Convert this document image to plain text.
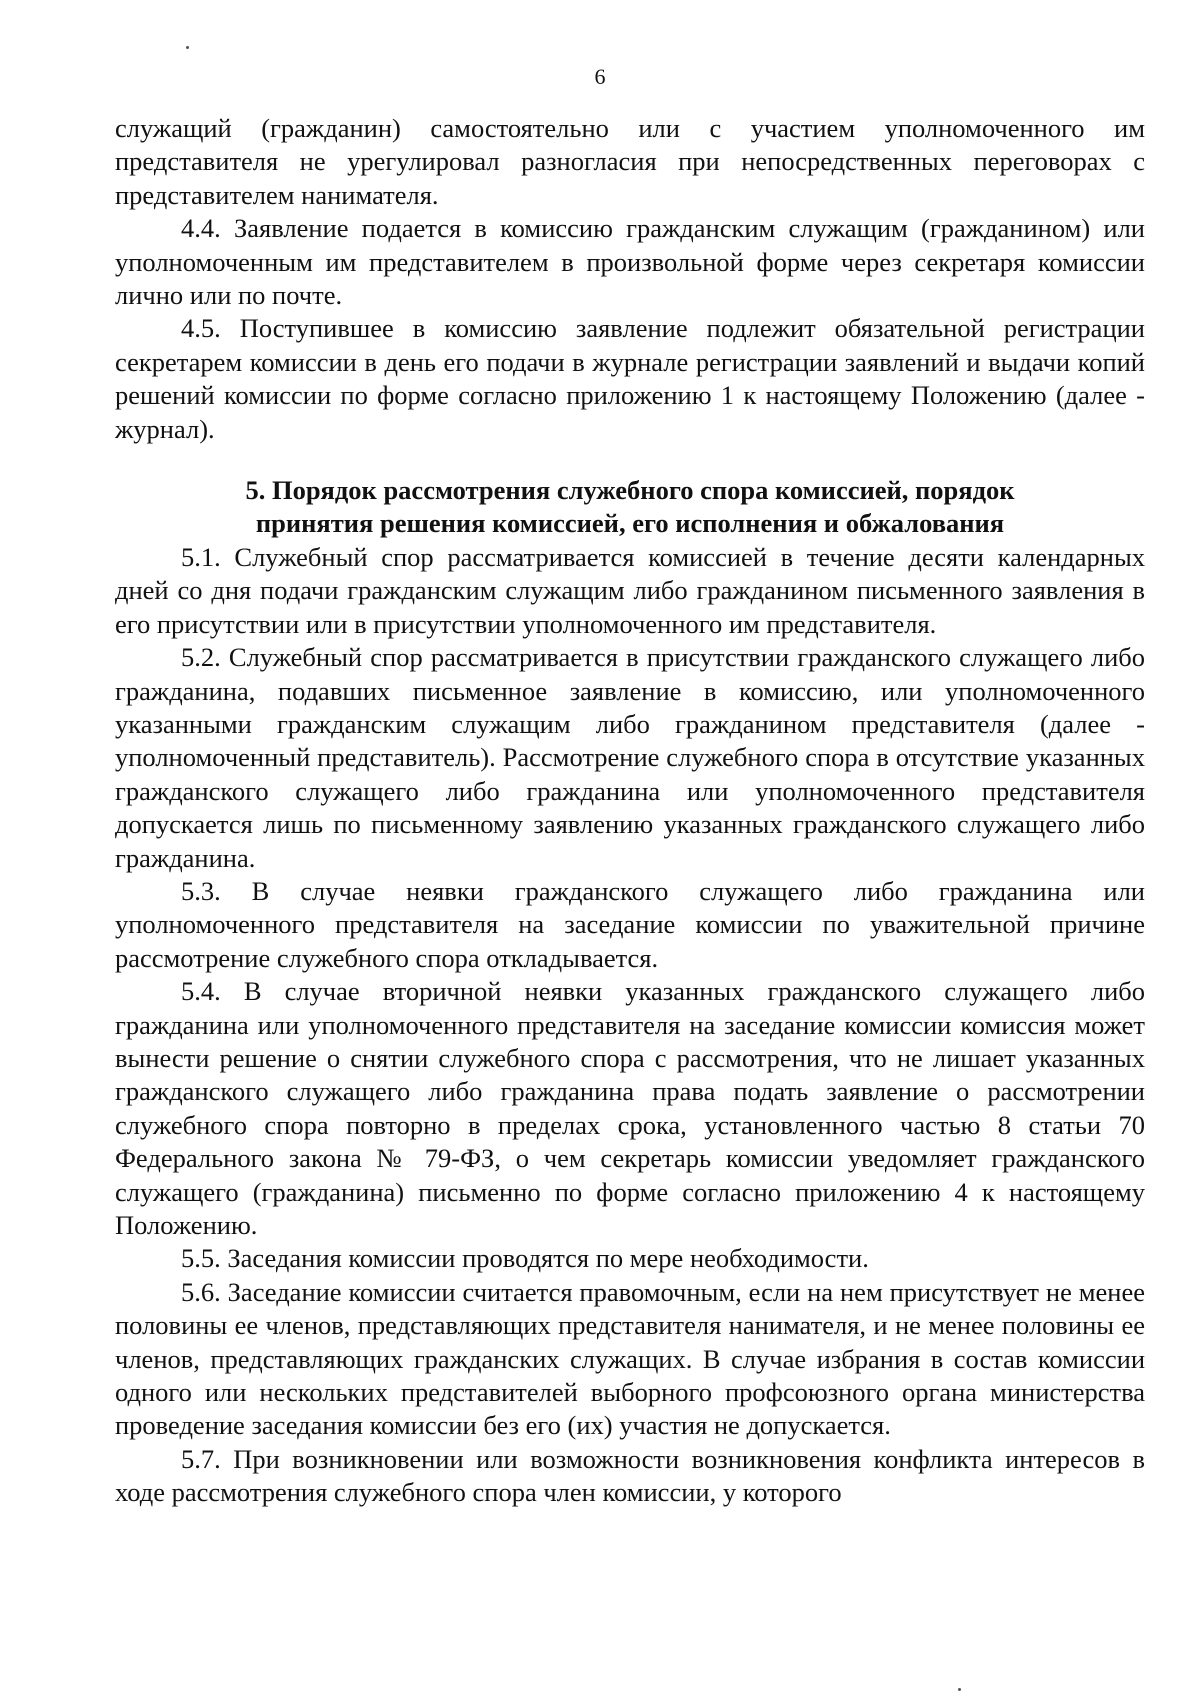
6

служащий (гражданин) самостоятельно или с участием уполномоченного им представителя не урегулировал разногласия при непосредственных переговорах с представителем нанимателя.

4.4. Заявление подается в комиссию гражданским служащим (гражданином) или уполномоченным им представителем в произвольной форме через секретаря комиссии лично или по почте.

4.5. Поступившее в комиссию заявление подлежит обязательной регистрации секретарем комиссии в день его подачи в журнале регистрации заявлений и выдачи копий решений комиссии по форме согласно приложению 1 к настоящему Положению (далее - журнал).

5. Порядок рассмотрения служебного спора комиссией, порядок
принятия решения комиссией, его исполнения и обжалования

5.1. Служебный спор рассматривается комиссией в течение десяти календарных дней со дня подачи гражданским служащим либо гражданином письменного заявления в его присутствии или в присутствии уполномоченного им представителя.

5.2. Служебный спор рассматривается в присутствии гражданского служащего либо гражданина, подавших письменное заявление в комиссию, или уполномоченного указанными гражданским служащим либо гражданином представителя (далее - уполномоченный представитель). Рассмотрение служебного спора в отсутствие указанных гражданского служащего либо гражданина или уполномоченного представителя допускается лишь по письменному заявлению указанных гражданского служащего либо гражданина.

5.3. В случае неявки гражданского служащего либо гражданина или уполномоченного представителя на заседание комиссии по уважительной причине рассмотрение служебного спора откладывается.

5.4. В случае вторичной неявки указанных гражданского служащего либо гражданина или уполномоченного представителя на заседание комиссии комиссия может вынести решение о снятии служебного спора с рассмотрения, что не лишает указанных гражданского служащего либо гражданина права подать заявление о рассмотрении служебного спора повторно в пределах срока, установленного частью 8 статьи 70 Федерального закона № 79-ФЗ, о чем секретарь комиссии уведомляет гражданского служащего (гражданина) письменно по форме согласно приложению 4 к настоящему Положению.

5.5. Заседания комиссии проводятся по мере необходимости.

5.6. Заседание комиссии считается правомочным, если на нем присутствует не менее половины ее членов, представляющих представителя нанимателя, и не менее половины ее членов, представляющих гражданских служащих. В случае избрания в состав комиссии одного или нескольких представителей выборного профсоюзного органа министерства проведение заседания комиссии без его (их) участия не допускается.

5.7. При возникновении или возможности возникновения конфликта интересов в ходе рассмотрения служебного спора член комиссии, у которого
